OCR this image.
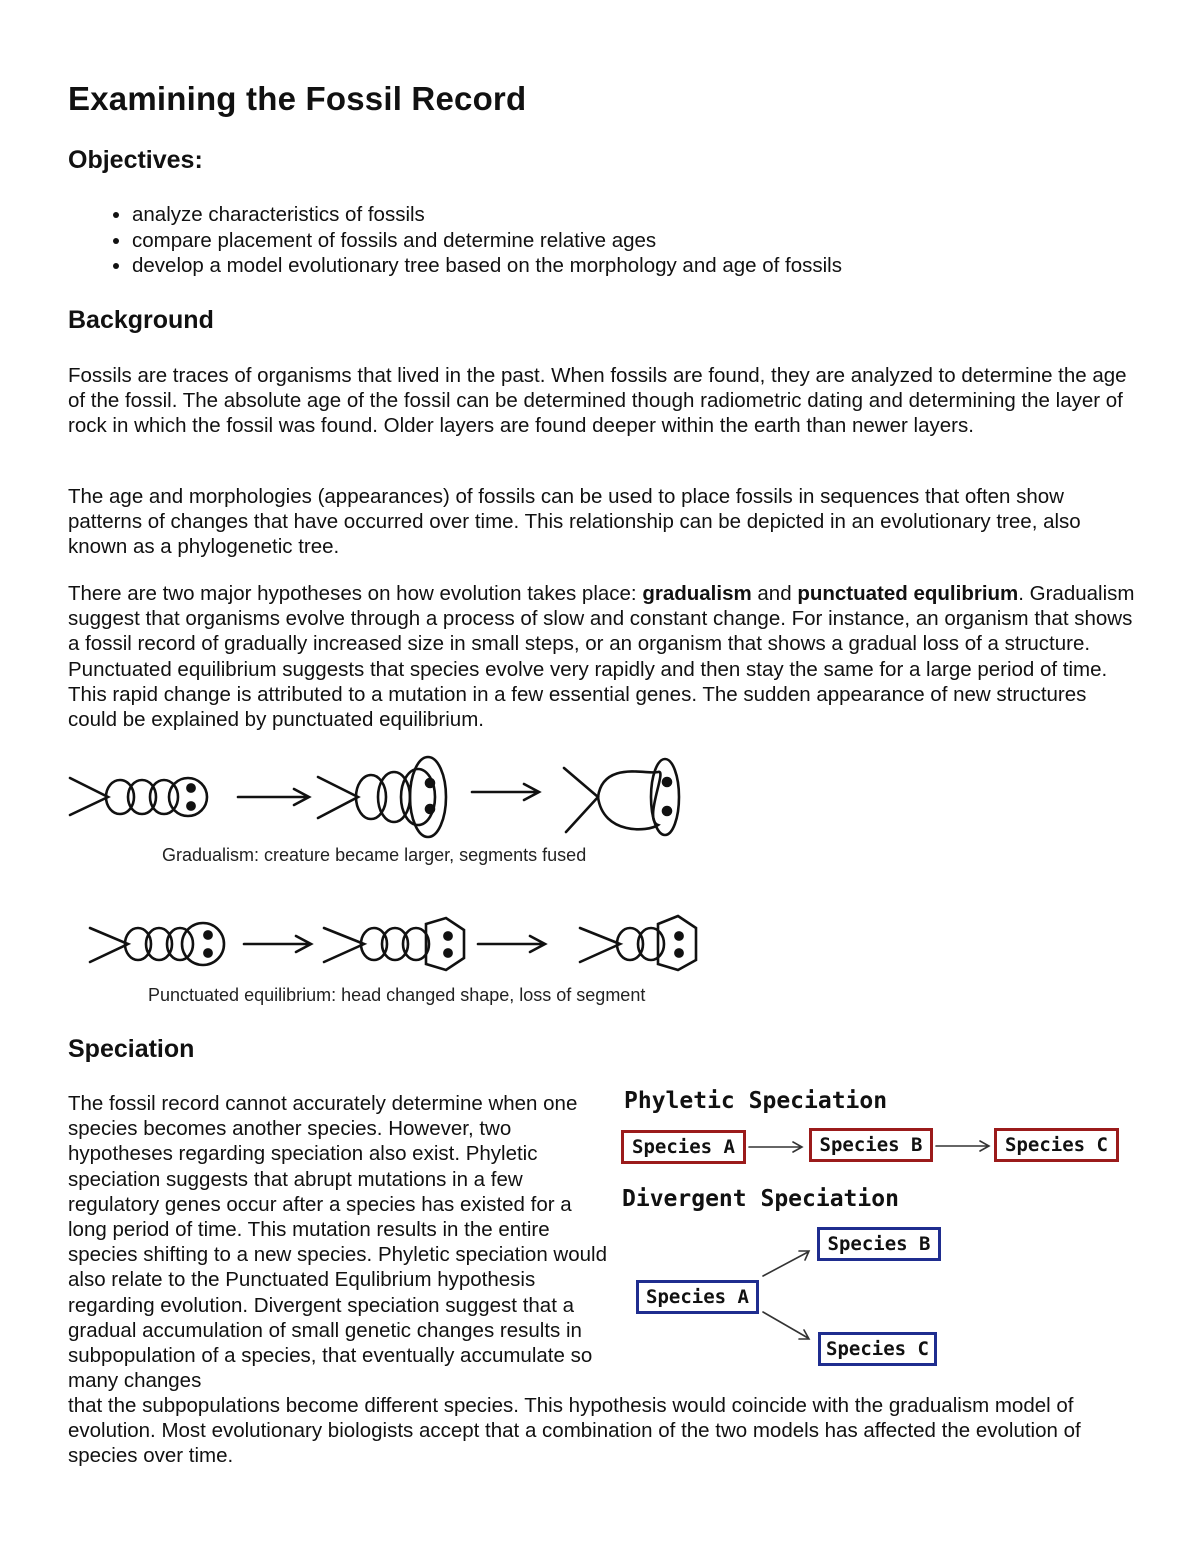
Examining the Fossil Record
Objectives:
• analyze characteristics of fossils
• compare placement of fossils and determine relative ages
• develop a model evolutionary tree based on the morphology and age of fossils
Background

Fossils are traces of organisms that lived in the past. When fossils are found, they are analyzed to determine the age of the fossil. The absolute age of the fossil can be determined though radiometric dating and determining the layer of rock in which the fossil was found. Older layers are found deeper within the earth than newer layers.

The age and morphologies (appearances) of fossils can be used to place fossils in sequences that often show patterns of changes that have occurred over time. This relationship can be depicted in an evolutionary tree, also known as a phylogenetic tree.

There are two major hypotheses on how evolution takes place: gradualism and punctuated equlibrium. Gradualism suggest that organisms evolve through a process of slow and constant change. For instance, an organism that shows a fossil record of gradually increased size in small steps, or an organism that shows a gradual loss of a structure. Punctuated equilibrium suggests that species evolve very rapidly and then stay the same for a large period of time. This rapid change is attributed to a mutation in a few essential genes. The sudden appearance of new structures could be explained by punctuated equilibrium.

Gradualism: creature became larger, segments fused
Punctuated equilibrium: head changed shape, loss of segment
Speciation

The fossil record cannot accurately determine when one species becomes another species. However, two hypotheses regarding speciation also exist. Phyletic speciation suggests that abrupt mutations in a few regulatory genes occur after a species has existed for a long period of time. This mutation results in the entire species shifting to a new species. Phyletic speciation would also relate to the Punctuated Equlibrium hypothesis regarding evolution. Divergent speciation suggest that a gradual accumulation of small genetic changes results in subpopulation of a species, that eventually accumulate so many changes

that the subpopulations become different species. This hypothesis would coincide with the gradualism model of evolution. Most evolutionary biologists accept that a combination of the two models has affected the evolution of species over time.

Phyletic Speciation
Species A	Species B	Species C
Divergent Speciation
Species A
Species B
Species C
